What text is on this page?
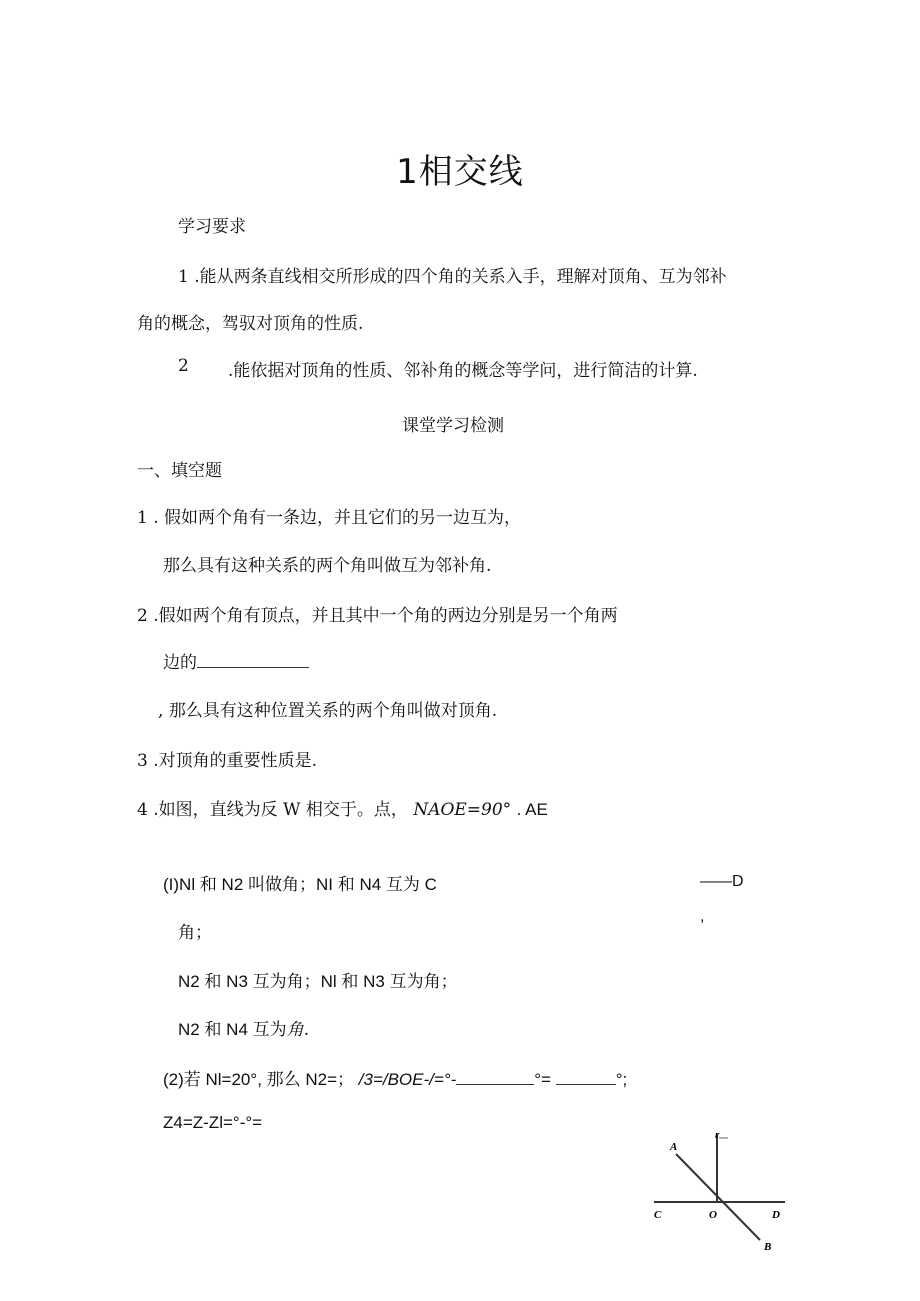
1相交线
学习要求
1 .能从两条直线相交所形成的四个角的关系入手，理解对顶角、互为邻补
角的概念，驾驭对顶角的性质.
2 .能依据对顶角的性质、邻补角的概念等学问，进行简洁的计算.
课堂学习检测
一、填空题
1 . 假如两个角有一条边，并且它们的另一边互为，
那么具有这种关系的两个角叫做互为邻补角.
2 .假如两个角有顶点，并且其中一个角的两边分别是另一个角两
边的
, 那么具有这种位置关系的两个角叫做对顶角.
3 .对顶角的重要性质是.
4 .如图，直线为反 W 相交于。点， NAOE=90° . AE
(I)Nl 和 N2 叫做角；NI 和 N4 互为 C
角；
N2 和 N3 互为角；Nl 和 N3 互为角；
N2 和 N4 互为角.
(2)若 Nl=20°, 那么 N2=； /3=/BOE-/=°-	°=	°;
Z4=Z-Zl=°-°=
——D
,
A
B
C	O	D
r
